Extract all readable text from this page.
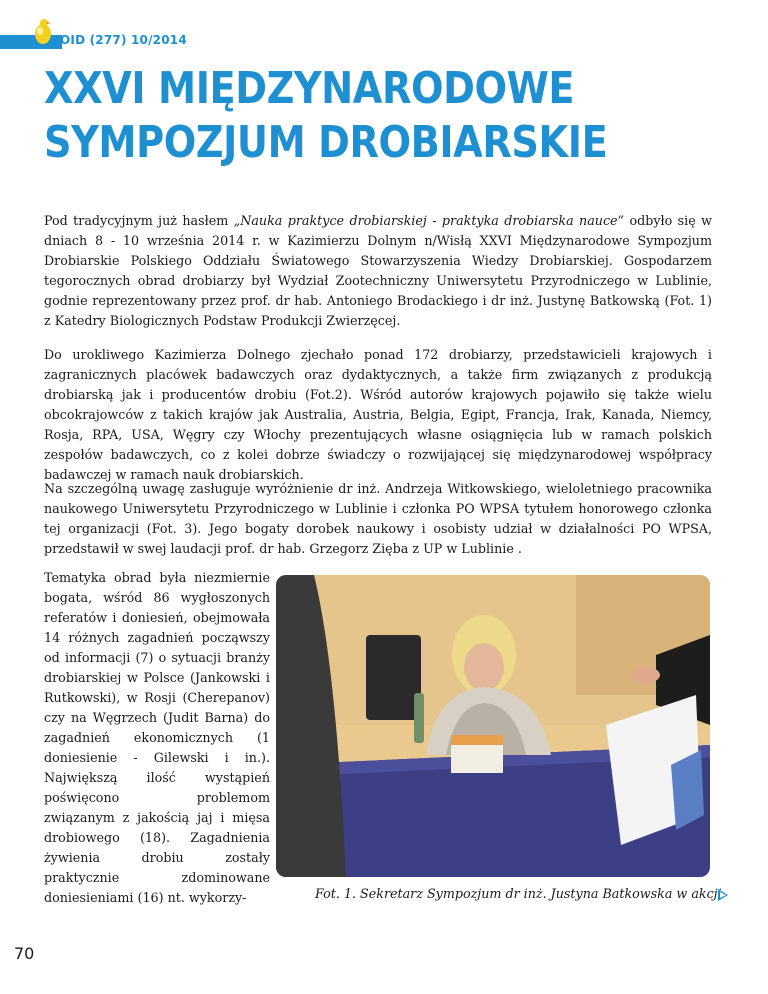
OID (277) 10/2014
XXVI MIĘDZYNARODOWE
SYMPOZJUM DROBIARSKIE

Pod tradycyjnym już hasłem „Nauka praktyce drobiarskiej - praktyka drobiarska nauce” odbyło się w dniach 8 - 10 września 2014 r. w Kazimierzu Dolnym n/Wisłą XXVI Międzynarodowe Sympozjum Drobiarskie Polskiego Oddziału Światowego Stowarzyszenia Wiedzy Drobiarskiej. Gospodarzem tegorocznych obrad drobiarzy był Wydział Zootechniczny Uniwersytetu Przyrodniczego w Lublinie, godnie reprezentowany przez prof. dr hab. Antoniego Brodackiego i dr inż. Justynę Batkowską (Fot. 1) z Katedry Biologicznych Podstaw Produkcji Zwierzęcej.

Do urokliwego Kazimierza Dolnego zjechało ponad 172 drobiarzy, przedstawicieli krajowych i zagranicznych placówek badawczych oraz dydaktycznych, a także firm związanych z produkcją drobiarską jak i producentów drobiu (Fot.2). Wśród autorów krajowych pojawiło się także wielu obcokrajowców z takich krajów jak Australia, Austria, Belgia, Egipt, Francja, Irak, Kanada, Niemcy, Rosja, RPA, USA, Węgry czy Włochy prezentujących własne osiągnięcia lub w ramach polskich zespołów badawczych, co z kolei dobrze świadczy o rozwijającej się międzynarodowej współpracy badawczej w ramach nauk drobiarskich.

Na szczególną uwagę zasługuje wyróżnienie dr inż. Andrzeja Witkowskiego, wieloletniego pracownika naukowego Uniwersytetu Przyrodniczego w Lublinie i członka PO WPSA tytułem honorowego członka tej organizacji (Fot. 3). Jego bogaty dorobek naukowy i osobisty udział w działalności PO WPSA, przedstawił w swej laudacji prof. dr hab. Grzegorz Zięba z UP w Lublinie .

Tematyka obrad była niezmiernie bogata, wśród 86 wygłoszonych referatów i doniesień, obejmowała 14 różnych zagadnień począwszy od informacji (7) o sytuacji branży drobiarskiej w Polsce (Jankowski i Rutkowski), w Rosji (Cherepanov) czy na Węgrzech (Judit Barna) do zagadnień ekonomicznych (1 doniesienie - Gilewski i in.). Największą ilość wystąpień poświęcono problemom związanym z jakością jaj i mięsa drobiowego (18). Zagadnienia żywienia drobiu zostały praktycznie zdominowane doniesieniami (16) nt. wykorzy-	Fot. 1. Sekretarz Sympozjum dr inż. Justyna Batkowska w akcji
70
